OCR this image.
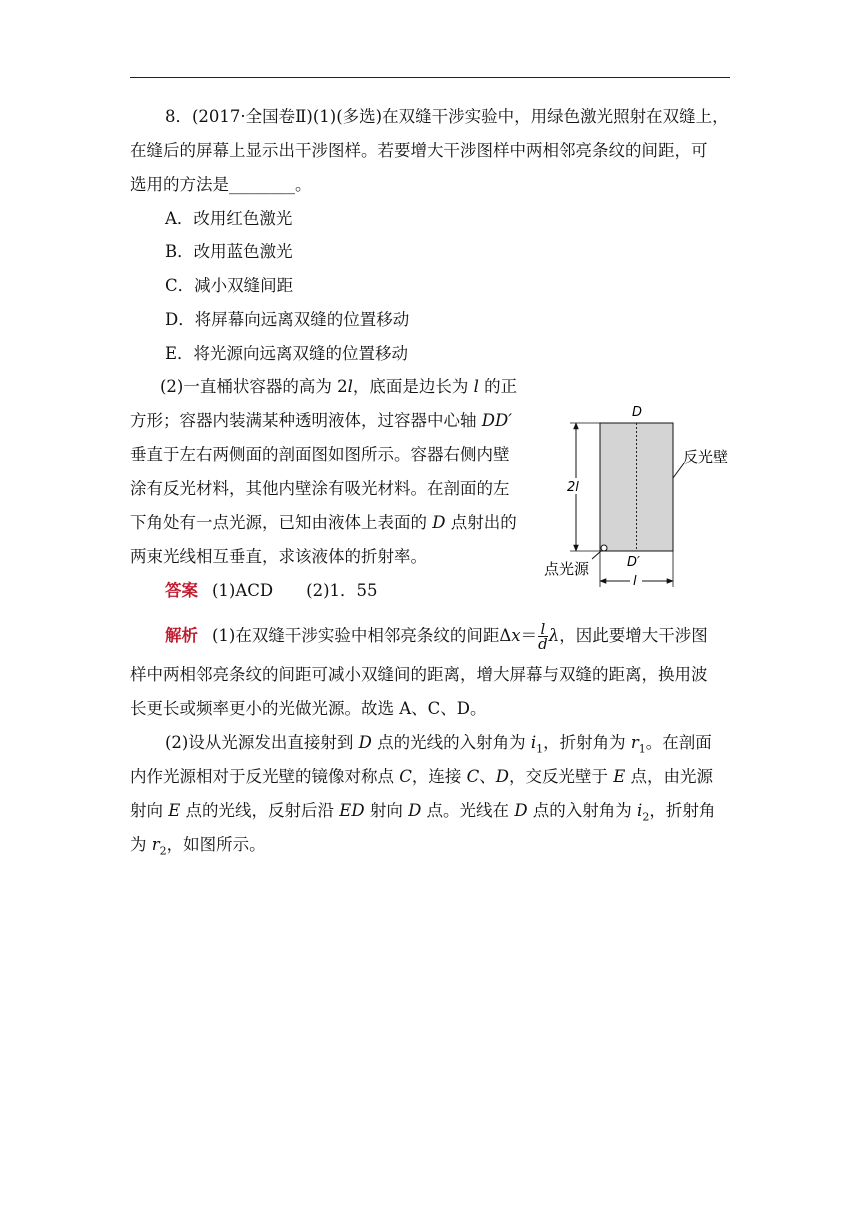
8．(2017·全国卷Ⅱ)(1)(多选)在双缝干涉实验中，用绿色激光照射在双缝上，
在缝后的屏幕上显示出干涉图样。若要增大干涉图样中两相邻亮条纹的间距，可
选用的方法是________。
A．改用红色激光
B．改用蓝色激光
C．减小双缝间距
D．将屏幕向远离双缝的位置移动
E．将光源向远离双缝的位置移动
(2)一直桶状容器的高为 2l，底面是边长为 l 的正
方形；容器内装满某种透明液体，过容器中心轴 DD′
垂直于左右两侧面的剖面图如图所示。容器右侧内壁
涂有反光材料，其他内壁涂有吸光材料。在剖面的左
下角处有一点光源，已知由液体上表面的 D 点射出的
两束光线相互垂直，求该液体的折射率。
D
D′
2l
l
反光壁
点光源
答案 (1)ACD　　(2)1．55
解析 (1)在双缝干涉实验中相邻亮条纹的间距$\Delta x= \frac{l}{d}$ λ，因此要增大干涉图
样中两相邻亮条纹的间距可减小双缝间的距离，增大屏幕与双缝的距离，换用波
长更长或频率更小的光做光源。故选 A、C、D。
(2)设从光源发出直接射到 D 点的光线的入射角为 $i_1$，折射角为 $r_1$。在剖面
内作光源相对于反光壁的镜像对称点 C，连接 C、D，交反光壁于 E 点，由光源
射向 E 点的光线，反射后沿 ED 射向 D 点。光线在 D 点的入射角为 $i_2$，折射角
为 $r_2$，如图所示。
